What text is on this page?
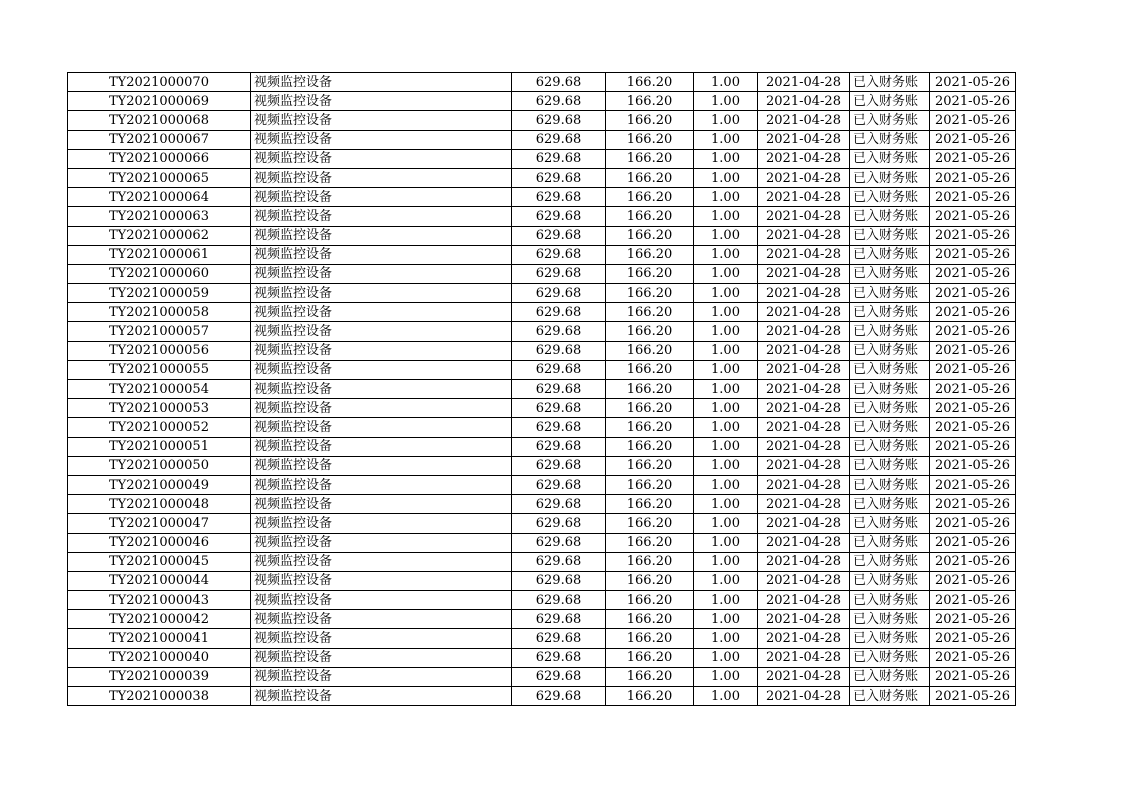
TY2021000070	视频监控设备	629.68	166.20	1.00	2021-04-28	已入财务账	2021-05-26
TY2021000069	视频监控设备	629.68	166.20	1.00	2021-04-28	已入财务账	2021-05-26
TY2021000068	视频监控设备	629.68	166.20	1.00	2021-04-28	已入财务账	2021-05-26
TY2021000067	视频监控设备	629.68	166.20	1.00	2021-04-28	已入财务账	2021-05-26
TY2021000066	视频监控设备	629.68	166.20	1.00	2021-04-28	已入财务账	2021-05-26
TY2021000065	视频监控设备	629.68	166.20	1.00	2021-04-28	已入财务账	2021-05-26
TY2021000064	视频监控设备	629.68	166.20	1.00	2021-04-28	已入财务账	2021-05-26
TY2021000063	视频监控设备	629.68	166.20	1.00	2021-04-28	已入财务账	2021-05-26
TY2021000062	视频监控设备	629.68	166.20	1.00	2021-04-28	已入财务账	2021-05-26
TY2021000061	视频监控设备	629.68	166.20	1.00	2021-04-28	已入财务账	2021-05-26
TY2021000060	视频监控设备	629.68	166.20	1.00	2021-04-28	已入财务账	2021-05-26
TY2021000059	视频监控设备	629.68	166.20	1.00	2021-04-28	已入财务账	2021-05-26
TY2021000058	视频监控设备	629.68	166.20	1.00	2021-04-28	已入财务账	2021-05-26
TY2021000057	视频监控设备	629.68	166.20	1.00	2021-04-28	已入财务账	2021-05-26
TY2021000056	视频监控设备	629.68	166.20	1.00	2021-04-28	已入财务账	2021-05-26
TY2021000055	视频监控设备	629.68	166.20	1.00	2021-04-28	已入财务账	2021-05-26
TY2021000054	视频监控设备	629.68	166.20	1.00	2021-04-28	已入财务账	2021-05-26
TY2021000053	视频监控设备	629.68	166.20	1.00	2021-04-28	已入财务账	2021-05-26
TY2021000052	视频监控设备	629.68	166.20	1.00	2021-04-28	已入财务账	2021-05-26
TY2021000051	视频监控设备	629.68	166.20	1.00	2021-04-28	已入财务账	2021-05-26
TY2021000050	视频监控设备	629.68	166.20	1.00	2021-04-28	已入财务账	2021-05-26
TY2021000049	视频监控设备	629.68	166.20	1.00	2021-04-28	已入财务账	2021-05-26
TY2021000048	视频监控设备	629.68	166.20	1.00	2021-04-28	已入财务账	2021-05-26
TY2021000047	视频监控设备	629.68	166.20	1.00	2021-04-28	已入财务账	2021-05-26
TY2021000046	视频监控设备	629.68	166.20	1.00	2021-04-28	已入财务账	2021-05-26
TY2021000045	视频监控设备	629.68	166.20	1.00	2021-04-28	已入财务账	2021-05-26
TY2021000044	视频监控设备	629.68	166.20	1.00	2021-04-28	已入财务账	2021-05-26
TY2021000043	视频监控设备	629.68	166.20	1.00	2021-04-28	已入财务账	2021-05-26
TY2021000042	视频监控设备	629.68	166.20	1.00	2021-04-28	已入财务账	2021-05-26
TY2021000041	视频监控设备	629.68	166.20	1.00	2021-04-28	已入财务账	2021-05-26
TY2021000040	视频监控设备	629.68	166.20	1.00	2021-04-28	已入财务账	2021-05-26
TY2021000039	视频监控设备	629.68	166.20	1.00	2021-04-28	已入财务账	2021-05-26
TY2021000038	视频监控设备	629.68	166.20	1.00	2021-04-28	已入财务账	2021-05-26
